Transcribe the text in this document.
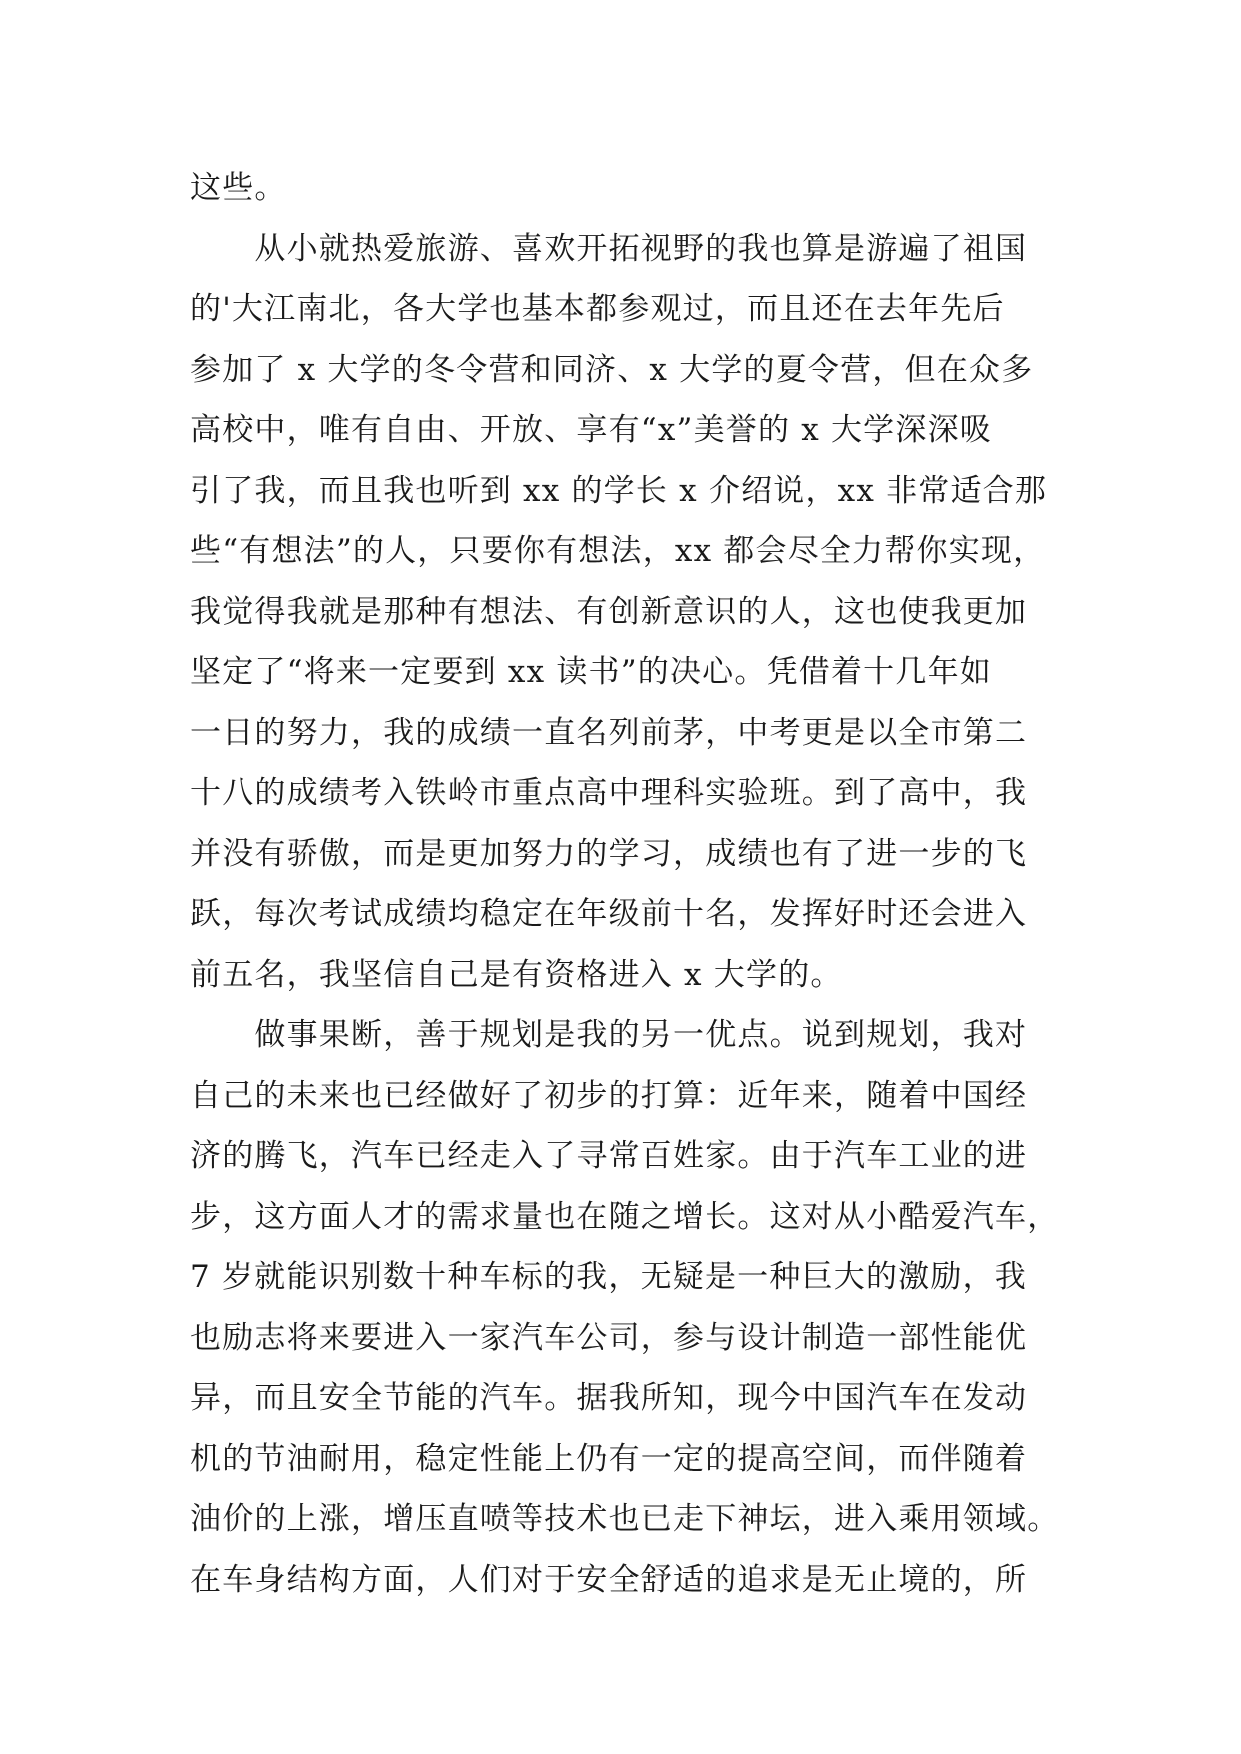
这些。
　　从小就热爱旅游、喜欢开拓视野的我也算是游遍了祖国
的'大江南北，各大学也基本都参观过，而且还在去年先后
参加了 x 大学的冬令营和同济、x 大学的夏令营，但在众多
高校中，唯有自由、开放、享有“x”美誉的 x 大学深深吸
引了我，而且我也听到 xx 的学长 x 介绍说，xx 非常适合那
些“有想法”的人，只要你有想法，xx 都会尽全力帮你实现，
我觉得我就是那种有想法、有创新意识的人，这也使我更加
坚定了“将来一定要到 xx 读书”的决心。凭借着十几年如
一日的努力，我的成绩一直名列前茅，中考更是以全市第二
十八的成绩考入铁岭市重点高中理科实验班。到了高中，我
并没有骄傲，而是更加努力的学习，成绩也有了进一步的飞
跃，每次考试成绩均稳定在年级前十名，发挥好时还会进入
前五名，我坚信自己是有资格进入 x 大学的。
　　做事果断，善于规划是我的另一优点。说到规划，我对
自己的未来也已经做好了初步的打算：近年来，随着中国经
济的腾飞，汽车已经走入了寻常百姓家。由于汽车工业的进
步，这方面人才的需求量也在随之增长。这对从小酷爱汽车，
7 岁就能识别数十种车标的我，无疑是一种巨大的激励，我
也励志将来要进入一家汽车公司，参与设计制造一部性能优
异，而且安全节能的汽车。据我所知，现今中国汽车在发动
机的节油耐用，稳定性能上仍有一定的提高空间，而伴随着
油价的上涨，增压直喷等技术也已走下神坛，进入乘用领域。
在车身结构方面，人们对于安全舒适的追求是无止境的，所
